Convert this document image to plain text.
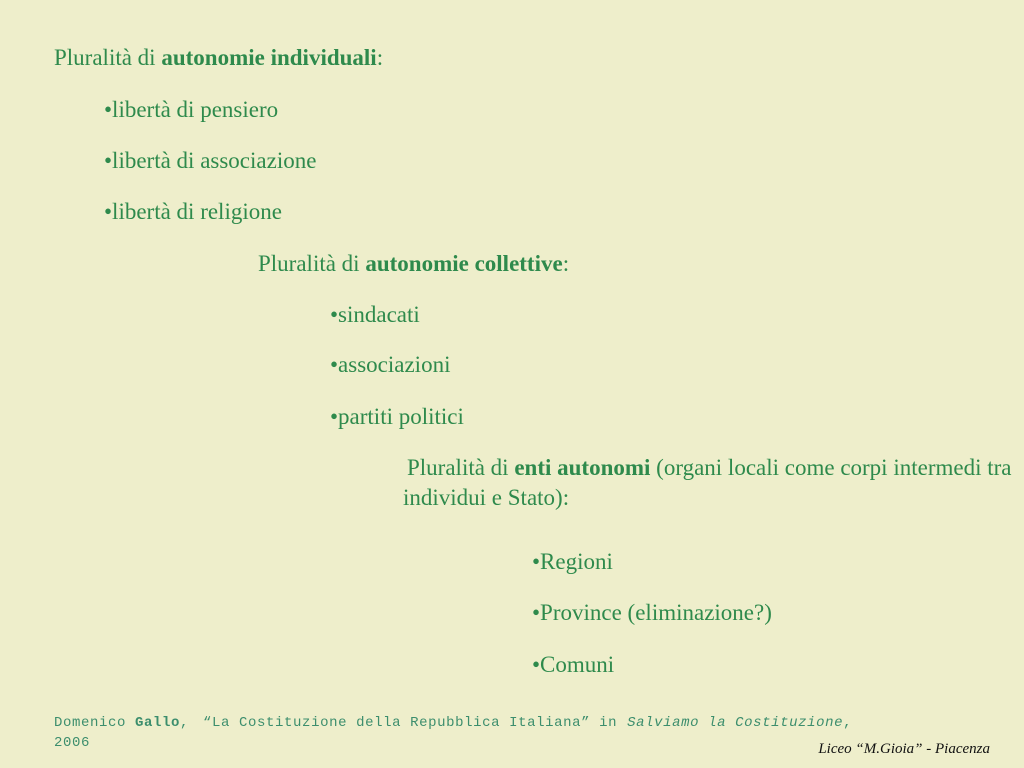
Pluralità di autonomie individuali:
•libertà di pensiero
•libertà di associazione
•libertà di religione
Pluralità di autonomie collettive:
•sindacati
•associazioni
•partiti politici
Pluralità di enti autonomi (organi locali come corpi intermedi tra individui e Stato):
•Regioni
•Province (eliminazione?)
•Comuni
Domenico Gallo, “La Costituzione della Repubblica Italiana” in Salviamo la Costituzione,
2006	Liceo “M.Gioia” - Piacenza
